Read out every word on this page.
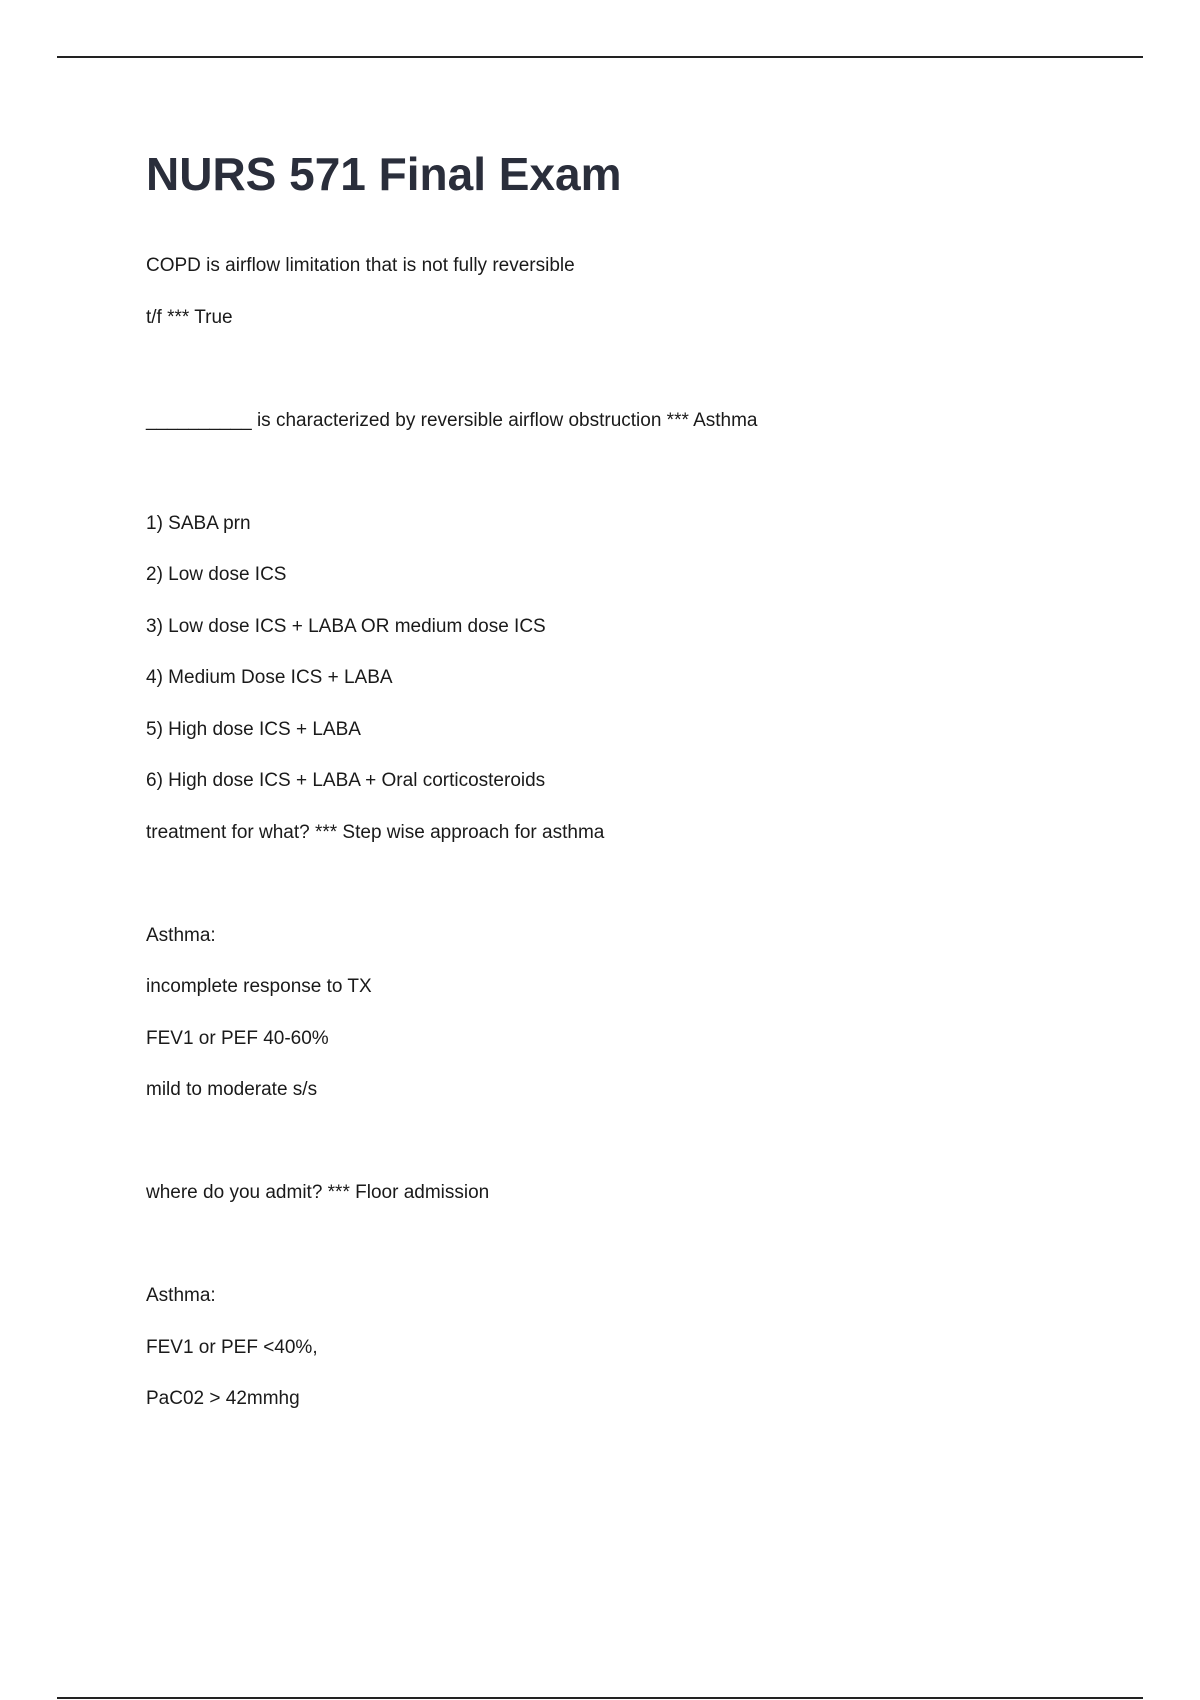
NURS 571 Final Exam
COPD is airflow limitation that is not fully reversible
t/f *** True
__________ is characterized by reversible airflow obstruction *** Asthma
1) SABA prn
2) Low dose ICS
3) Low dose ICS + LABA OR medium dose ICS
4) Medium Dose ICS + LABA
5) High dose ICS + LABA
6) High dose ICS + LABA + Oral corticosteroids
treatment for what? *** Step wise approach for asthma
Asthma:
incomplete response to TX
FEV1 or PEF 40-60%
mild to moderate s/s
where do you admit? *** Floor admission
Asthma:
FEV1 or PEF <40%,
PaC02 > 42mmhg
